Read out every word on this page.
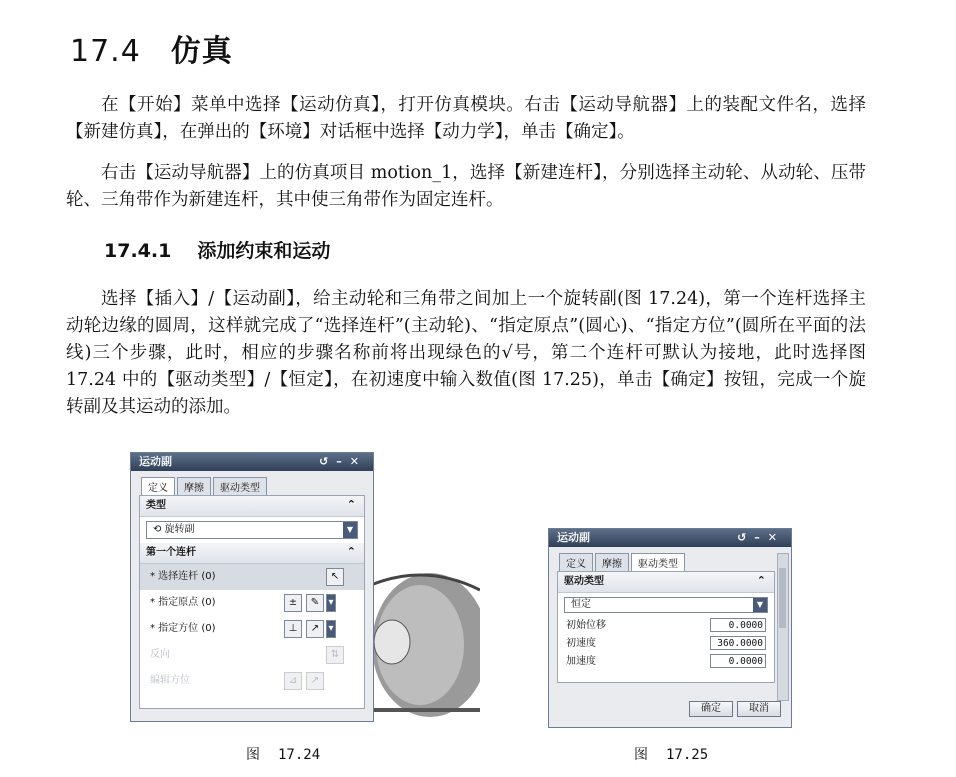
17.4 仿真
在【开始】菜单中选择【运动仿真】，打开仿真模块。右击【运动导航器】上的装配文件名，选择【新建仿真】，在弹出的【环境】对话框中选择【动力学】，单击【确定】。
右击【运动导航器】上的仿真项目 motion_1，选择【新建连杆】，分别选择主动轮、从动轮、压带轮、三角带作为新建连杆，其中使三角带作为固定连杆。
17.4.1 添加约束和运动
选择【插入】/【运动副】，给主动轮和三角带之间加上一个旋转副(图 17.24)，第一个连杆选择主动轮边缘的圆周，这样就完成了“选择连杆”(主动轮)、“指定原点”(圆心)、“指定方位”(圆所在平面的法线)三个步骤，此时，相应的步骤名称前将出现绿色的√号，第二个连杆可默认为接地，此时选择图 17.24 中的【驱动类型】/【恒定】，在初速度中输入数值(图 17.25)，单击【确定】按钮，完成一个旋转副及其运动的添加。
运动副	↺–✕
定义	摩擦	驱动类型
类型	⌃
⟲ 旋转副	▼
第一个连杆	⌃
* 选择连杆 (0)	↖
* 指定原点 (0)	±	✎ ▾
* 指定方位 (0)	⊥	↗ ▾
反向	⇅
编辑方位	⊿	↗
图 17.24
运动副	↺–✕
定义	摩擦	驱动类型
驱动类型	⌃
恒定	▼
初始位移	0.0000
初速度	360.0000
加速度	0.0000
确定	取消
图 17.25
